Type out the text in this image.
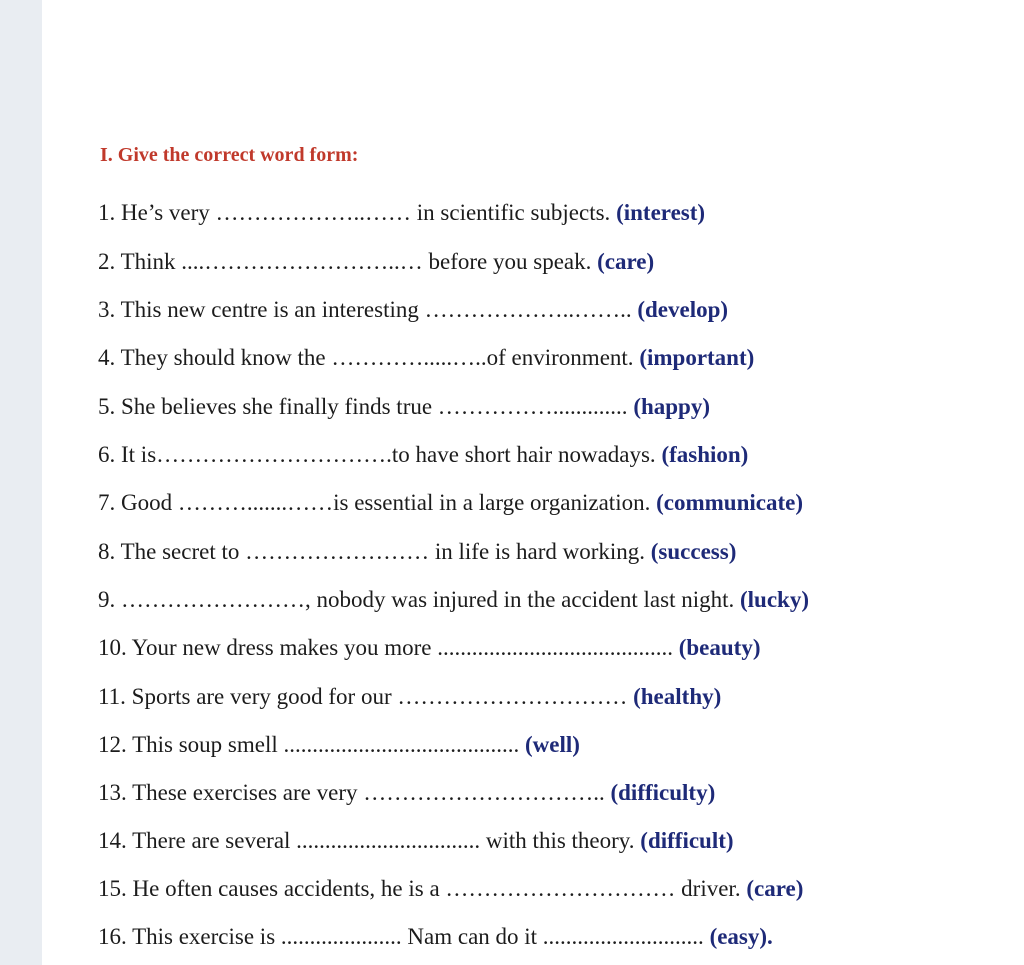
I. Give the correct word form:
1. He’s very ………………..…… in scientific subjects. (interest)
2. Think ....……………………..… before you speak. (care)
3. This new centre is an interesting ………………..…….. (develop)
4. They should know the ………….....…..of environment. (important)
5. She believes she finally finds true ……………............. (happy)
6. It is………………………….to have short hair nowadays. (fashion)
7. Good ……….......……is essential in a large organization. (communicate)
8. The secret to …………………… in life is hard working. (success)
9. ……………………, nobody was injured in the accident last night. (lucky)
10. Your new dress makes you more ......................................... (beauty)
11. Sports are very good for our ………………………… (healthy)
12. This soup smell ......................................... (well)
13. These exercises are very ………………………….. (difficulty)
14. There are several ................................ with this theory. (difficult)
15. He often causes accidents, he is a ………………………… driver. (care)
16. This exercise is ..................... Nam can do it ............................ (easy).
